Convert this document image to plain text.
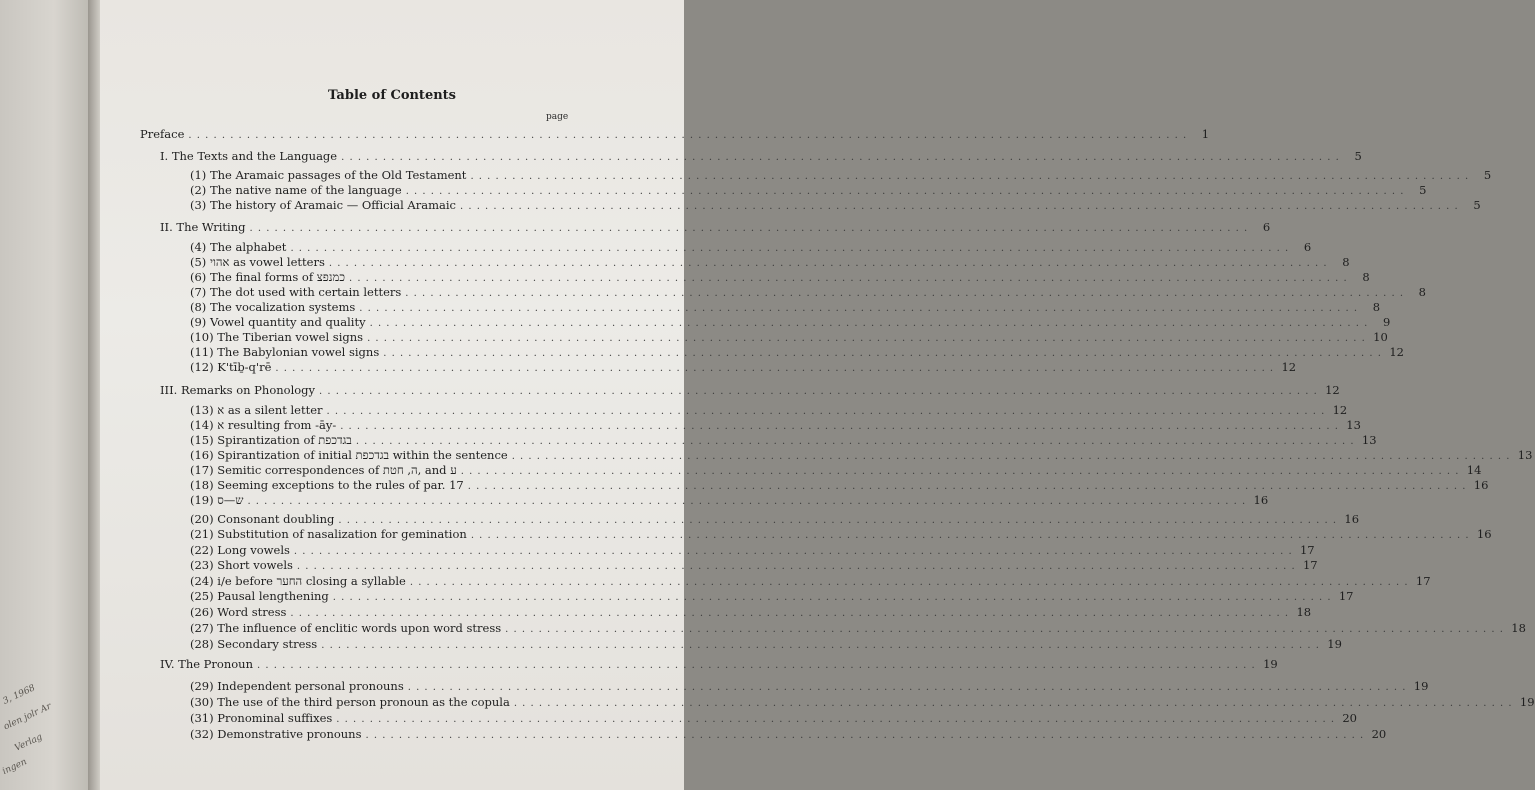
3, 1968
olen jolr Ar
Verlag
ingen
Table of Contents
page
Preface . . . . . . . . . . . . . . . . . . . . . . . . . . . . . . . . . . . . . . . . . . . . . . . . . . . . . . . . . . . . . . . . . . . . . . . . . . . . . . . . . . . . . . . . . . . . . . . . . . . . . . . . . . . . . . . . . . . . . . . .	1
I. The Texts and the Language . . . . . . . . . . . . . . . . . . . . . . . . . . . . . . . . . . . . . . . . . . . . . . . . . . . . . . . . . . . . . . . . . . . . . . . . . . . . . . . . . . . . . . . . . . . . . . . . . . . . . . . . . . . . . . . . . . . . . . . .	5
(1) The Aramaic passages of the Old Testament . . . . . . . . . . . . . . . . . . . . . . . . . . . . . . . . . . . . . . . . . . . . . . . . . . . . . . . . . . . . . . . . . . . . . . . . . . . . . . . . . . . . . . . . . . . . . . . . . . . . . . . . . . . . . . . . . . . . . . . .	5
(2) The native name of the language . . . . . . . . . . . . . . . . . . . . . . . . . . . . . . . . . . . . . . . . . . . . . . . . . . . . . . . . . . . . . . . . . . . . . . . . . . . . . . . . . . . . . . . . . . . . . . . . . . . . . . . . . . . . . . . . . . . . . . . .	5
(3) The history of Aramaic — Official Aramaic . . . . . . . . . . . . . . . . . . . . . . . . . . . . . . . . . . . . . . . . . . . . . . . . . . . . . . . . . . . . . . . . . . . . . . . . . . . . . . . . . . . . . . . . . . . . . . . . . . . . . . . . . . . . . . . . . . . . . . . .	5
II. The Writing . . . . . . . . . . . . . . . . . . . . . . . . . . . . . . . . . . . . . . . . . . . . . . . . . . . . . . . . . . . . . . . . . . . . . . . . . . . . . . . . . . . . . . . . . . . . . . . . . . . . . . . . . . . . . . . . . . . . . . . .	6
(4) The alphabet . . . . . . . . . . . . . . . . . . . . . . . . . . . . . . . . . . . . . . . . . . . . . . . . . . . . . . . . . . . . . . . . . . . . . . . . . . . . . . . . . . . . . . . . . . . . . . . . . . . . . . . . . . . . . . . . . . . . . . . .	6
(5) אהוי as vowel letters . . . . . . . . . . . . . . . . . . . . . . . . . . . . . . . . . . . . . . . . . . . . . . . . . . . . . . . . . . . . . . . . . . . . . . . . . . . . . . . . . . . . . . . . . . . . . . . . . . . . . . . . . . . . . . . . . . . . . . . .	8
(6) The final forms of כמנפצ . . . . . . . . . . . . . . . . . . . . . . . . . . . . . . . . . . . . . . . . . . . . . . . . . . . . . . . . . . . . . . . . . . . . . . . . . . . . . . . . . . . . . . . . . . . . . . . . . . . . . . . . . . . . . . . . . . . . . . . .	8
(7) The dot used with certain letters . . . . . . . . . . . . . . . . . . . . . . . . . . . . . . . . . . . . . . . . . . . . . . . . . . . . . . . . . . . . . . . . . . . . . . . . . . . . . . . . . . . . . . . . . . . . . . . . . . . . . . . . . . . . . . . . . . . . . . . .	8
(8) The vocalization systems . . . . . . . . . . . . . . . . . . . . . . . . . . . . . . . . . . . . . . . . . . . . . . . . . . . . . . . . . . . . . . . . . . . . . . . . . . . . . . . . . . . . . . . . . . . . . . . . . . . . . . . . . . . . . . . . . . . . . . . .	8
(9) Vowel quantity and quality . . . . . . . . . . . . . . . . . . . . . . . . . . . . . . . . . . . . . . . . . . . . . . . . . . . . . . . . . . . . . . . . . . . . . . . . . . . . . . . . . . . . . . . . . . . . . . . . . . . . . . . . . . . . . . . . . . . . . . . .	9
(10) The Tiberian vowel signs . . . . . . . . . . . . . . . . . . . . . . . . . . . . . . . . . . . . . . . . . . . . . . . . . . . . . . . . . . . . . . . . . . . . . . . . . . . . . . . . . . . . . . . . . . . . . . . . . . . . . . . . . . . . . . . . . . . . . . . . 10
(11) The Babylonian vowel signs . . . . . . . . . . . . . . . . . . . . . . . . . . . . . . . . . . . . . . . . . . . . . . . . . . . . . . . . . . . . . . . . . . . . . . . . . . . . . . . . . . . . . . . . . . . . . . . . . . . . . . . . . . . . . . . . . . . . . . . . 12
(12) K'tīḇ-q'rē . . . . . . . . . . . . . . . . . . . . . . . . . . . . . . . . . . . . . . . . . . . . . . . . . . . . . . . . . . . . . . . . . . . . . . . . . . . . . . . . . . . . . . . . . . . . . . . . . . . . . . . . . . . . . . . . . . . . . . . . 12
III. Remarks on Phonology . . . . . . . . . . . . . . . . . . . . . . . . . . . . . . . . . . . . . . . . . . . . . . . . . . . . . . . . . . . . . . . . . . . . . . . . . . . . . . . . . . . . . . . . . . . . . . . . . . . . . . . . . . . . . . . . . . . . . . . . 12
(13) א as a silent letter . . . . . . . . . . . . . . . . . . . . . . . . . . . . . . . . . . . . . . . . . . . . . . . . . . . . . . . . . . . . . . . . . . . . . . . . . . . . . . . . . . . . . . . . . . . . . . . . . . . . . . . . . . . . . . . . . . . . . . . . 12
(14) א resulting from -āy- . . . . . . . . . . . . . . . . . . . . . . . . . . . . . . . . . . . . . . . . . . . . . . . . . . . . . . . . . . . . . . . . . . . . . . . . . . . . . . . . . . . . . . . . . . . . . . . . . . . . . . . . . . . . . . . . . . . . . . . . 13
(15) Spirantization of בגדכפת . . . . . . . . . . . . . . . . . . . . . . . . . . . . . . . . . . . . . . . . . . . . . . . . . . . . . . . . . . . . . . . . . . . . . . . . . . . . . . . . . . . . . . . . . . . . . . . . . . . . . . . . . . . . . . . . . . . . . . . . 13
(16) Spirantization of initial בגדכפת within the sentence . . . . . . . . . . . . . . . . . . . . . . . . . . . . . . . . . . . . . . . . . . . . . . . . . . . . . . . . . . . . . . . . . . . . . . . . . . . . . . . . . . . . . . . . . . . . . . . . . . . . . . . . . . . . . . . . . . . . . . . . 13
(17) Semitic correspondences of ה, חטת, and ע . . . . . . . . . . . . . . . . . . . . . . . . . . . . . . . . . . . . . . . . . . . . . . . . . . . . . . . . . . . . . . . . . . . . . . . . . . . . . . . . . . . . . . . . . . . . . . . . . . . . . . . . . . . . . . . . . . . . . . . . 14
(18) Seeming exceptions to the rules of par. 17 . . . . . . . . . . . . . . . . . . . . . . . . . . . . . . . . . . . . . . . . . . . . . . . . . . . . . . . . . . . . . . . . . . . . . . . . . . . . . . . . . . . . . . . . . . . . . . . . . . . . . . . . . . . . . . . . . . . . . . . . 16
(19) ש—ס . . . . . . . . . . . . . . . . . . . . . . . . . . . . . . . . . . . . . . . . . . . . . . . . . . . . . . . . . . . . . . . . . . . . . . . . . . . . . . . . . . . . . . . . . . . . . . . . . . . . . . . . . . . . . . . . . . . . . . . . 16
(20) Consonant doubling . . . . . . . . . . . . . . . . . . . . . . . . . . . . . . . . . . . . . . . . . . . . . . . . . . . . . . . . . . . . . . . . . . . . . . . . . . . . . . . . . . . . . . . . . . . . . . . . . . . . . . . . . . . . . . . . . . . . . . . . 16
(21) Substitution of nasalization for gemination . . . . . . . . . . . . . . . . . . . . . . . . . . . . . . . . . . . . . . . . . . . . . . . . . . . . . . . . . . . . . . . . . . . . . . . . . . . . . . . . . . . . . . . . . . . . . . . . . . . . . . . . . . . . . . . . . . . . . . . . 16
(22) Long vowels . . . . . . . . . . . . . . . . . . . . . . . . . . . . . . . . . . . . . . . . . . . . . . . . . . . . . . . . . . . . . . . . . . . . . . . . . . . . . . . . . . . . . . . . . . . . . . . . . . . . . . . . . . . . . . . . . . . . . . . . 17
(23) Short vowels . . . . . . . . . . . . . . . . . . . . . . . . . . . . . . . . . . . . . . . . . . . . . . . . . . . . . . . . . . . . . . . . . . . . . . . . . . . . . . . . . . . . . . . . . . . . . . . . . . . . . . . . . . . . . . . . . . . . . . . . 17
(24) i/e before החער closing a syllable . . . . . . . . . . . . . . . . . . . . . . . . . . . . . . . . . . . . . . . . . . . . . . . . . . . . . . . . . . . . . . . . . . . . . . . . . . . . . . . . . . . . . . . . . . . . . . . . . . . . . . . . . . . . . . . . . . . . . . . . 17
(25) Pausal lengthening . . . . . . . . . . . . . . . . . . . . . . . . . . . . . . . . . . . . . . . . . . . . . . . . . . . . . . . . . . . . . . . . . . . . . . . . . . . . . . . . . . . . . . . . . . . . . . . . . . . . . . . . . . . . . . . . . . . . . . . . 17
(26) Word stress . . . . . . . . . . . . . . . . . . . . . . . . . . . . . . . . . . . . . . . . . . . . . . . . . . . . . . . . . . . . . . . . . . . . . . . . . . . . . . . . . . . . . . . . . . . . . . . . . . . . . . . . . . . . . . . . . . . . . . . . 18
(27) The influence of enclitic words upon word stress . . . . . . . . . . . . . . . . . . . . . . . . . . . . . . . . . . . . . . . . . . . . . . . . . . . . . . . . . . . . . . . . . . . . . . . . . . . . . . . . . . . . . . . . . . . . . . . . . . . . . . . . . . . . . . . . . . . . . . . . 18
(28) Secondary stress . . . . . . . . . . . . . . . . . . . . . . . . . . . . . . . . . . . . . . . . . . . . . . . . . . . . . . . . . . . . . . . . . . . . . . . . . . . . . . . . . . . . . . . . . . . . . . . . . . . . . . . . . . . . . . . . . . . . . . . . 19
IV. The Pronoun . . . . . . . . . . . . . . . . . . . . . . . . . . . . . . . . . . . . . . . . . . . . . . . . . . . . . . . . . . . . . . . . . . . . . . . . . . . . . . . . . . . . . . . . . . . . . . . . . . . . . . . . . . . . . . . . . . . . . . . . 19
(29) Independent personal pronouns . . . . . . . . . . . . . . . . . . . . . . . . . . . . . . . . . . . . . . . . . . . . . . . . . . . . . . . . . . . . . . . . . . . . . . . . . . . . . . . . . . . . . . . . . . . . . . . . . . . . . . . . . . . . . . . . . . . . . . . . 19
(30) The use of the third person pronoun as the copula . . . . . . . . . . . . . . . . . . . . . . . . . . . . . . . . . . . . . . . . . . . . . . . . . . . . . . . . . . . . . . . . . . . . . . . . . . . . . . . . . . . . . . . . . . . . . . . . . . . . . . . . . . . . . . . . . . . . . . . . 19
(31) Pronominal suffixes . . . . . . . . . . . . . . . . . . . . . . . . . . . . . . . . . . . . . . . . . . . . . . . . . . . . . . . . . . . . . . . . . . . . . . . . . . . . . . . . . . . . . . . . . . . . . . . . . . . . . . . . . . . . . . . . . . . . . . . . 20
(32) Demonstrative pronouns . . . . . . . . . . . . . . . . . . . . . . . . . . . . . . . . . . . . . . . . . . . . . . . . . . . . . . . . . . . . . . . . . . . . . . . . . . . . . . . . . . . . . . . . . . . . . . . . . . . . . . . . . . . . . . . . . . . . . . . . 20
